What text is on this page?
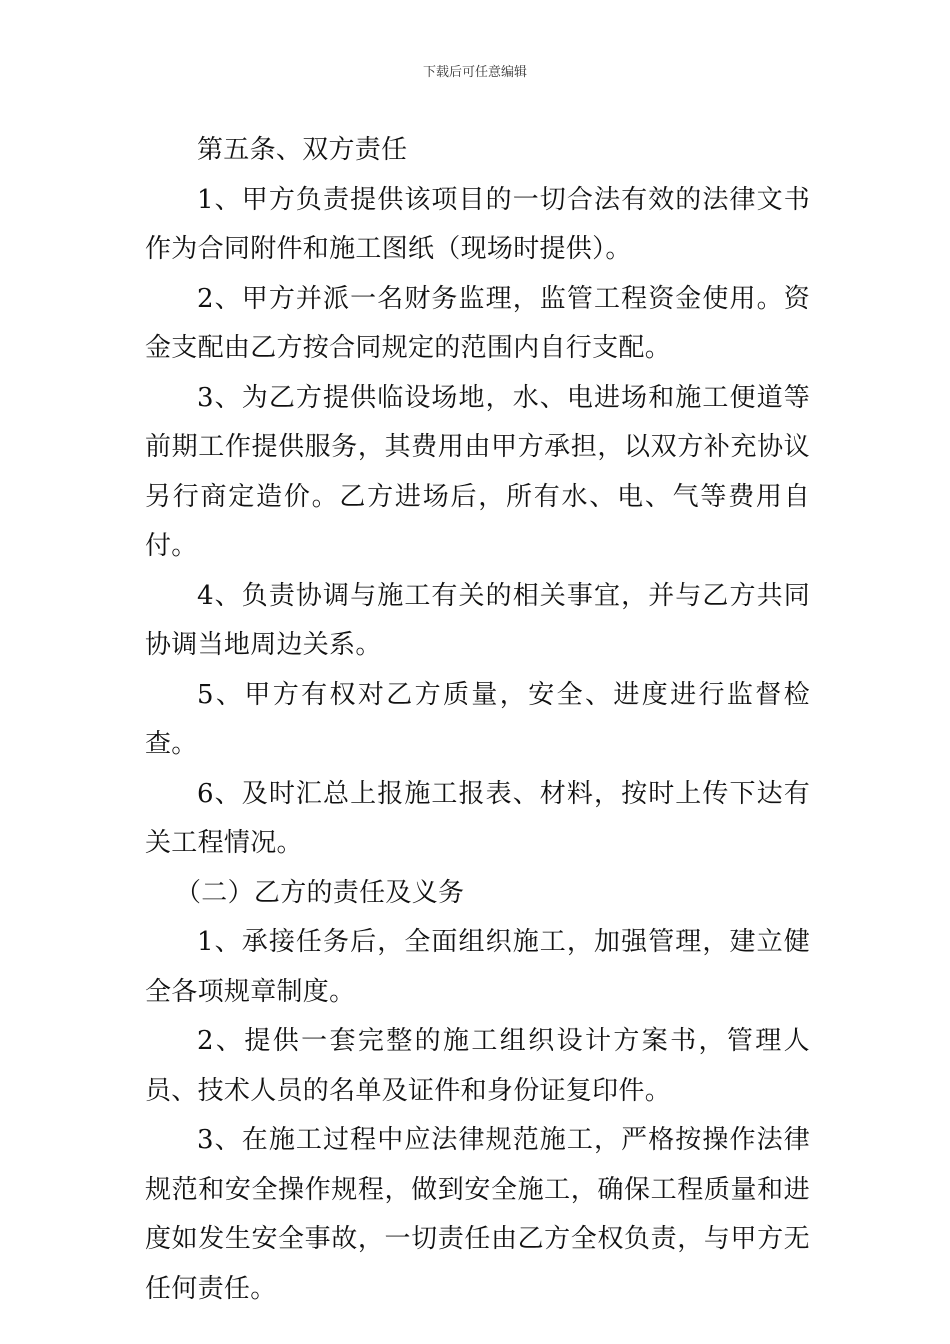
下载后可任意编辑

第五条、双方责任

1、甲方负责提供该项目的一切合法有效的法律文书作为合同附件和施工图纸（现场时提供）。

2、甲方并派一名财务监理，监管工程资金使用。资金支配由乙方按合同规定的范围内自行支配。

3、为乙方提供临设场地，水、电进场和施工便道等前期工作提供服务，其费用由甲方承担，以双方补充协议另行商定造价。乙方进场后，所有水、电、气等费用自付。

4、负责协调与施工有关的相关事宜，并与乙方共同协调当地周边关系。

5、甲方有权对乙方质量，安全、进度进行监督检查。

6、及时汇总上报施工报表、材料，按时上传下达有关工程情况。

（二）乙方的责任及义务

1、承接任务后，全面组织施工，加强管理，建立健全各项规章制度。

2、提供一套完整的施工组织设计方案书，管理人员、技术人员的名单及证件和身份证复印件。

3、在施工过程中应法律规范施工，严格按操作法律规范和安全操作规程，做到安全施工，确保工程质量和进度如发生安全事故，一切责任由乙方全权负责，与甲方无任何责任。
